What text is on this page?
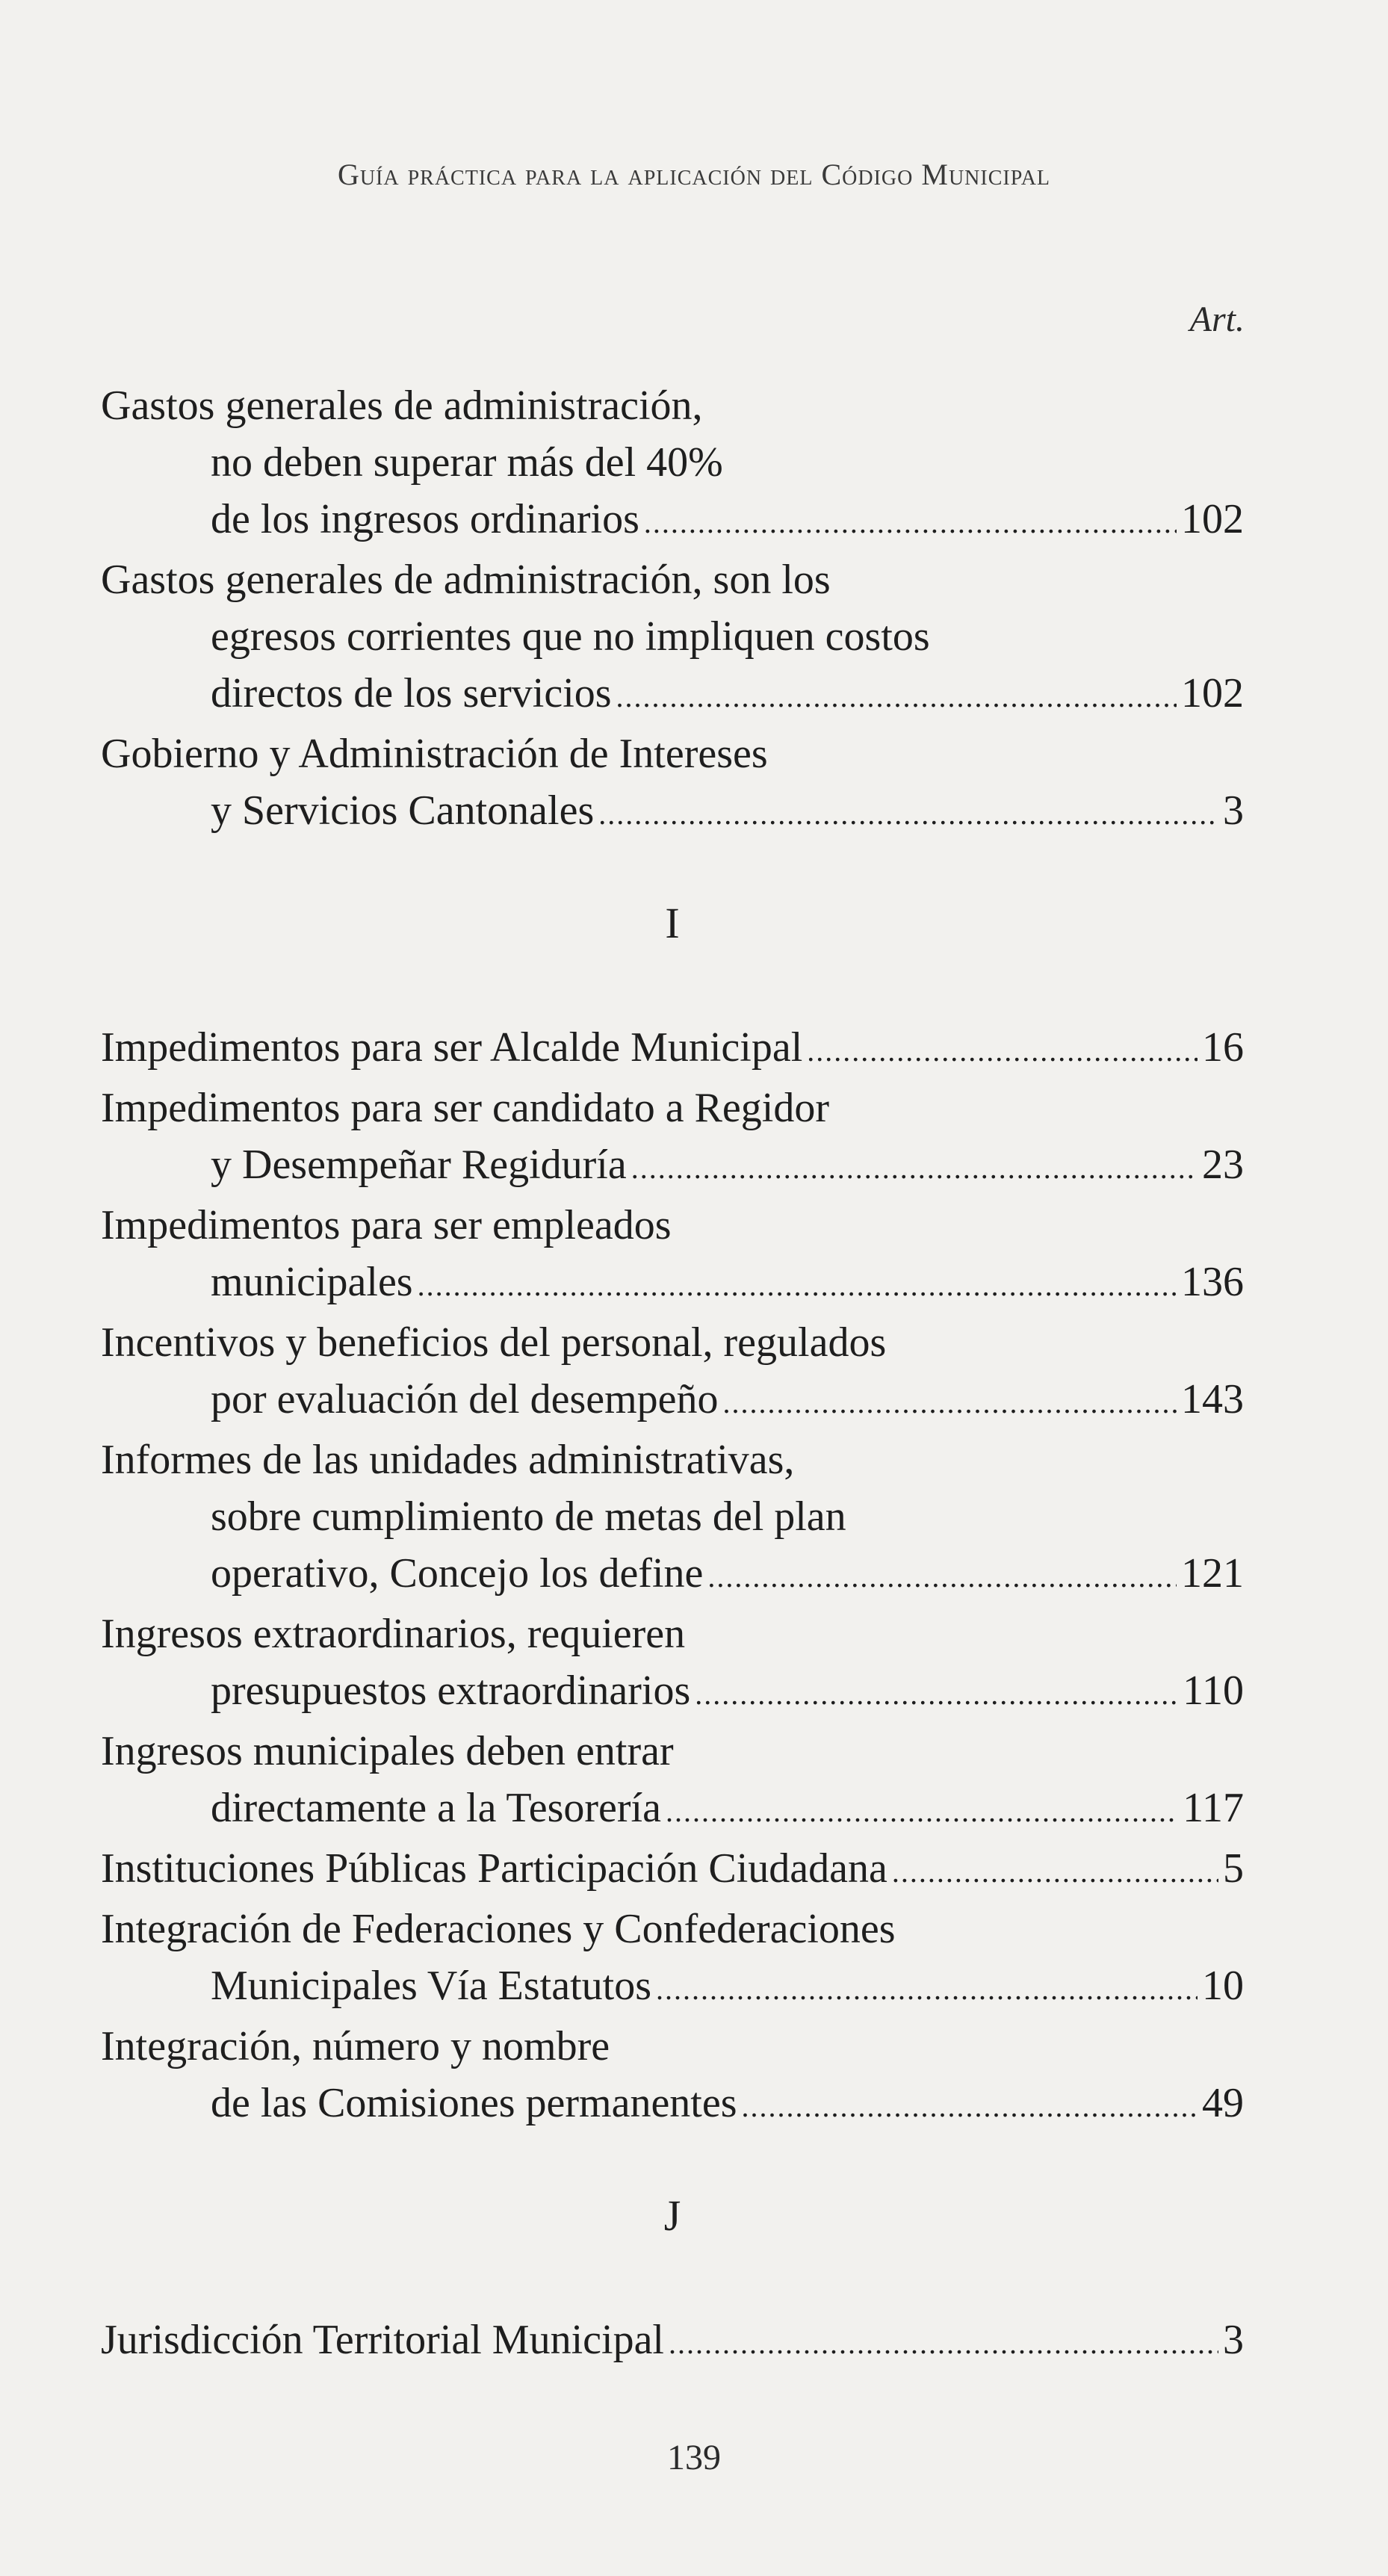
Guía práctica para la aplicación del Código Municipal
Art.
Gastos generales de administración,
no deben superar más del 40%
de los ingresos ordinarios .....	102
Gastos generales de administración, son los
egresos corrientes que no impliquen costos
directos de los servicios .....	102
Gobierno y Administración de Intereses
y Servicios Cantonales .....	3
I
Impedimentos para ser Alcalde Municipal .....	16
Impedimentos para ser candidato a Regidor
y Desempeñar Regiduría .....	23
Impedimentos para ser empleados
municipales .....	136
Incentivos y beneficios del personal, regulados
por evaluación del desempeño .....	143
Informes de las unidades administrativas,
sobre cumplimiento de metas del plan
operativo, Concejo los define .....	121
Ingresos extraordinarios, requieren
presupuestos extraordinarios .....	110
Ingresos municipales deben entrar
directamente a la Tesorería .....	117
Instituciones Públicas Participación Ciudadana .....	5
Integración de Federaciones y Confederaciones
Municipales Vía Estatutos .....	10
Integración, número y nombre
de las Comisiones permanentes .....	49
J
Jurisdicción Territorial Municipal .....	3
139
